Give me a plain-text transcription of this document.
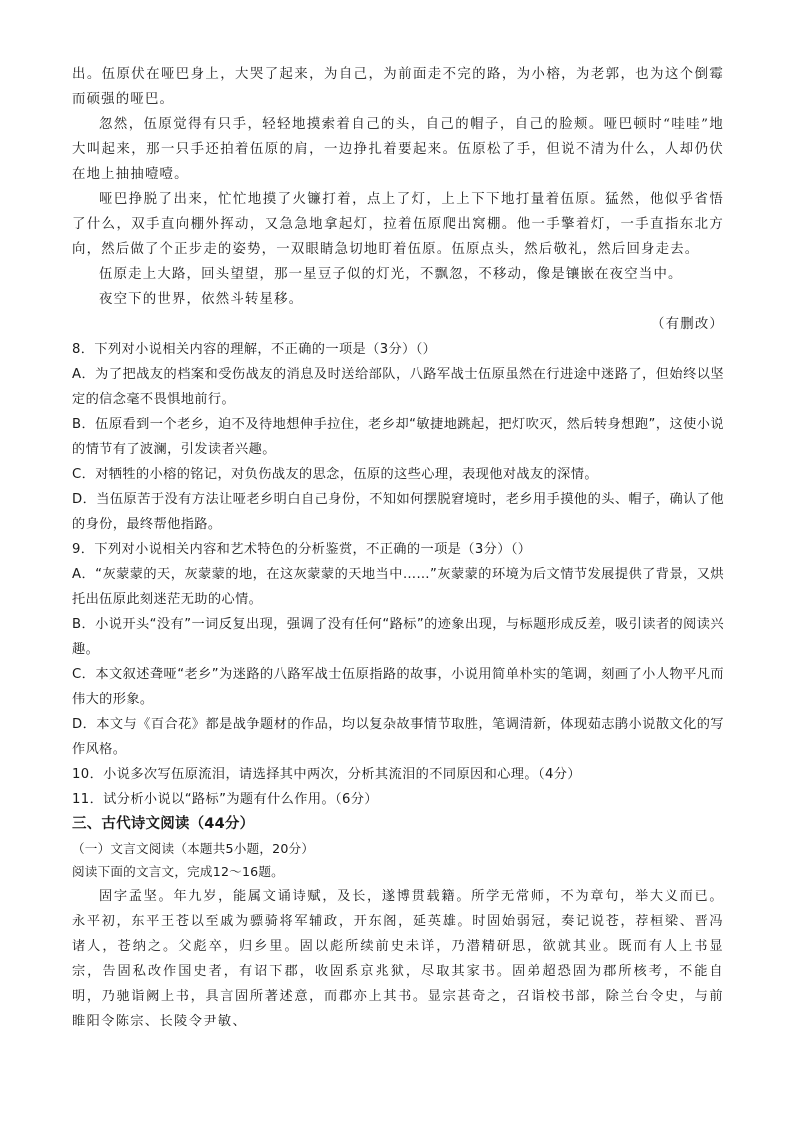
出。伍原伏在哑巴身上，大哭了起来，为自己，为前面走不完的路，为小榕，为老郭，也为这个倒霉而硕强的哑巴。

忽然，伍原觉得有只手，轻轻地摸索着自己的头，自己的帽子，自己的脸颊。哑巴顿时“哇哇”地大叫起来，那一只手还拍着伍原的肩，一边挣扎着要起来。伍原松了手，但说不清为什么，人却仍伏在地上抽抽噎噎。

哑巴挣脱了出来，忙忙地摸了火镰打着，点上了灯，上上下下地打量着伍原。猛然，他似乎省悟了什么，双手直向棚外挥动，又急急地拿起灯，拉着伍原爬出窝棚。他一手擎着灯，一手直指东北方向，然后做了个正步走的姿势，一双眼睛急切地盯着伍原。伍原点头，然后敬礼，然后回身走去。

伍原走上大路，回头望望，那一星豆子似的灯光，不飘忽，不移动，像是镶嵌在夜空当中。

夜空下的世界，依然斗转星移。

（有删改）

8．下列对小说相关内容的理解，不正确的一项是（3分）（）

A．为了把战友的档案和受伤战友的消息及时送给部队，八路军战士伍原虽然在行进途中迷路了，但始终以坚定的信念毫不畏惧地前行。

B．伍原看到一个老乡，迫不及待地想伸手拉住，老乡却“敏捷地跳起，把灯吹灭，然后转身想跑”，这使小说的情节有了波澜，引发读者兴趣。

C．对牺牲的小榕的铭记，对负伤战友的思念，伍原的这些心理，表现他对战友的深情。

D．当伍原苦于没有方法让哑老乡明白自己身份，不知如何摆脱窘境时，老乡用手摸他的头、帽子，确认了他的身份，最终帮他指路。

9．下列对小说相关内容和艺术特色的分析鉴赏，不正确的一项是（3分）（）

A．“灰蒙蒙的天，灰蒙蒙的地，在这灰蒙蒙的天地当中……”灰蒙蒙的环境为后文情节发展提供了背景，又烘托出伍原此刻迷茫无助的心情。

B．小说开头“没有”一词反复出现，强调了没有任何“路标”的迹象出现，与标题形成反差，吸引读者的阅读兴趣。

C．本文叙述聋哑“老乡”为迷路的八路军战士伍原指路的故事，小说用简单朴实的笔调，刻画了小人物平凡而伟大的形象。

D．本文与《百合花》都是战争题材的作品，均以复杂故事情节取胜，笔调清新，体现茹志鹃小说散文化的写作风格。

10．小说多次写伍原流泪，请选择其中两次，分析其流泪的不同原因和心理。（4分）

11．试分析小说以“路标”为题有什么作用。（6分）

三、古代诗文阅读（44分）

（一）文言文阅读（本题共5小题，20分）

阅读下面的文言文，完成12～16题。

固字孟坚。年九岁，能属文诵诗赋，及长，遂博贯载籍。所学无常师，不为章句，举大义而已。永平初，东平王苍以至戚为骠骑将军辅政，开东阁，延英雄。时固始弱冠，奏记说苍，荐桓梁、晋冯诸人，苍纳之。父彪卒，归乡里。固以彪所续前史未详，乃潜精研思，欲就其业。既而有人上书显宗，告固私改作国史者，有诏下郡，收固系京兆狱，尽取其家书。固弟超恐固为郡所核考，不能自明，乃驰诣阙上书，具言固所著述意，而郡亦上其书。显宗甚奇之，召诣校书部，除兰台令史，与前睢阳令陈宗、长陵令尹敏、
